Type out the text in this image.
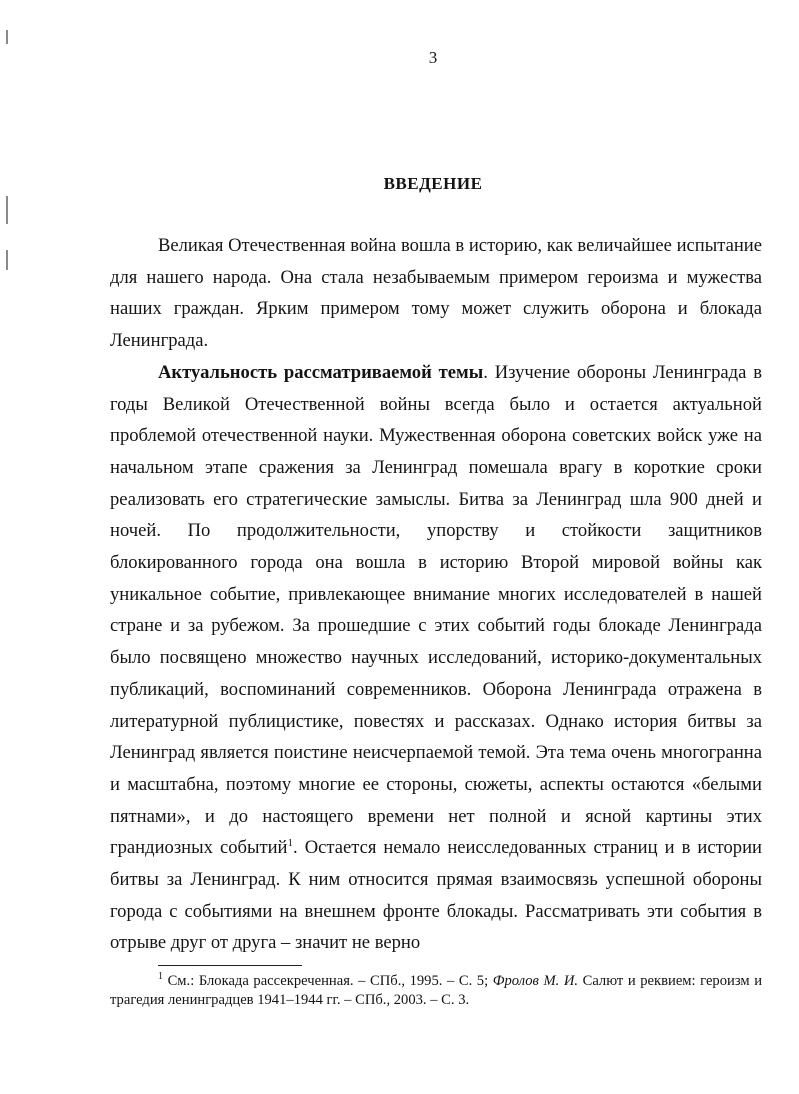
3
ВВЕДЕНИЕ

Великая Отечественная война вошла в историю, как величайшее испытание для нашего народа. Она стала незабываемым примером героизма и мужества наших граждан. Ярким примером тому может служить оборона и блокада Ленинграда.

Актуальность рассматриваемой темы. Изучение обороны Ленинграда в годы Великой Отечественной войны всегда было и остается актуальной проблемой отечественной науки. Мужественная оборона советских войск уже на начальном этапе сражения за Ленинград помешала врагу в короткие сроки реализовать его стратегические замыслы. Битва за Ленинград шла 900 дней и ночей. По продолжительности, упорству и стойкости защитников блокированного города она вошла в историю Второй мировой войны как уникальное событие, привлекающее внимание многих исследователей в нашей стране и за рубежом. За прошедшие с этих событий годы блокаде Ленинграда было посвящено множество научных исследований, историко-документальных публикаций, воспоминаний современников. Оборона Ленинграда отражена в литературной публицистике, повестях и рассказах. Однако история битвы за Ленинград является поистине неисчерпаемой темой. Эта тема очень многогранна и масштабна, поэтому многие ее стороны, сюжеты, аспекты остаются «белыми пятнами», и до настоящего времени нет полной и ясной картины этих грандиозных событий$^1$. Остается немало неисследованных страниц и в истории битвы за Ленинград. К ним относится прямая взаимосвязь успешной обороны города с событиями на внешнем фронте блокады. Рассматривать эти события в отрыве друг от друга – значит не верно

$^1$ См.: Блокада рассекреченная. – СПб., 1995. – С. 5; Фролов М. И. Салют и реквием: героизм и трагедия ленинградцев 1941–1944 гг. – СПб., 2003. – С. 3.
